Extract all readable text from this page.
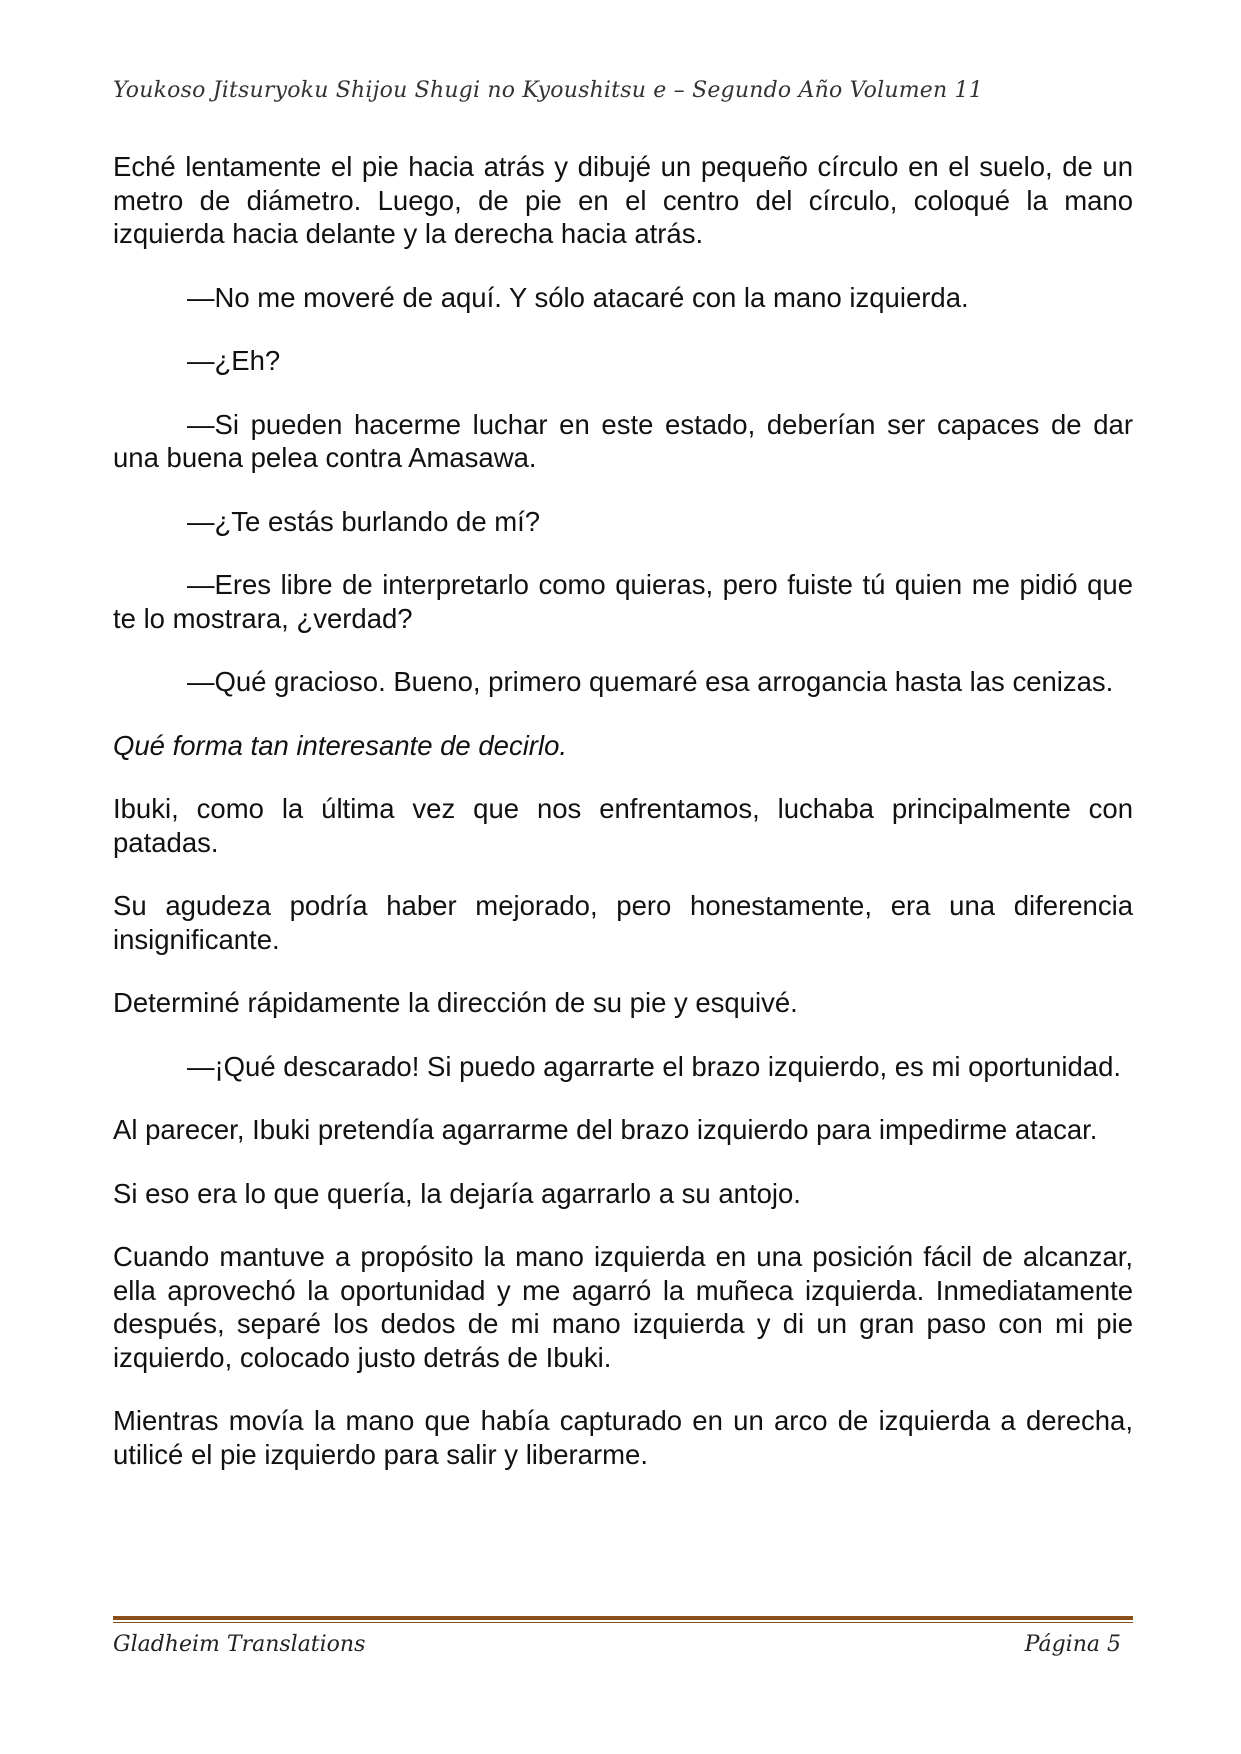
Youkoso Jitsuryoku Shijou Shugi no Kyoushitsu e – Segundo Año Volumen 11

Eché lentamente el pie hacia atrás y dibujé un pequeño círculo en el suelo, de un metro de diámetro. Luego, de pie en el centro del círculo, coloqué la mano izquierda hacia delante y la derecha hacia atrás.

—No me moveré de aquí. Y sólo atacaré con la mano izquierda.

—¿Eh?

—Si pueden hacerme luchar en este estado, deberían ser capaces de dar una buena pelea contra Amasawa.

—¿Te estás burlando de mí?

—Eres libre de interpretarlo como quieras, pero fuiste tú quien me pidió que te lo mostrara, ¿verdad?

—Qué gracioso. Bueno, primero quemaré esa arrogancia hasta las cenizas.

Qué forma tan interesante de decirlo.

Ibuki, como la última vez que nos enfrentamos, luchaba principalmente con patadas.

Su agudeza podría haber mejorado, pero honestamente, era una diferencia insignificante.

Determiné rápidamente la dirección de su pie y esquivé.

—¡Qué descarado! Si puedo agarrarte el brazo izquierdo, es mi oportunidad.

Al parecer, Ibuki pretendía agarrarme del brazo izquierdo para impedirme atacar.

Si eso era lo que quería, la dejaría agarrarlo a su antojo.

Cuando mantuve a propósito la mano izquierda en una posición fácil de alcanzar, ella aprovechó la oportunidad y me agarró la muñeca izquierda. Inmediatamente después, separé los dedos de mi mano izquierda y di un gran paso con mi pie izquierdo, colocado justo detrás de Ibuki.

Mientras movía la mano que había capturado en un arco de izquierda a derecha, utilicé el pie izquierdo para salir y liberarme.

Gladheim Translations	Página 5
